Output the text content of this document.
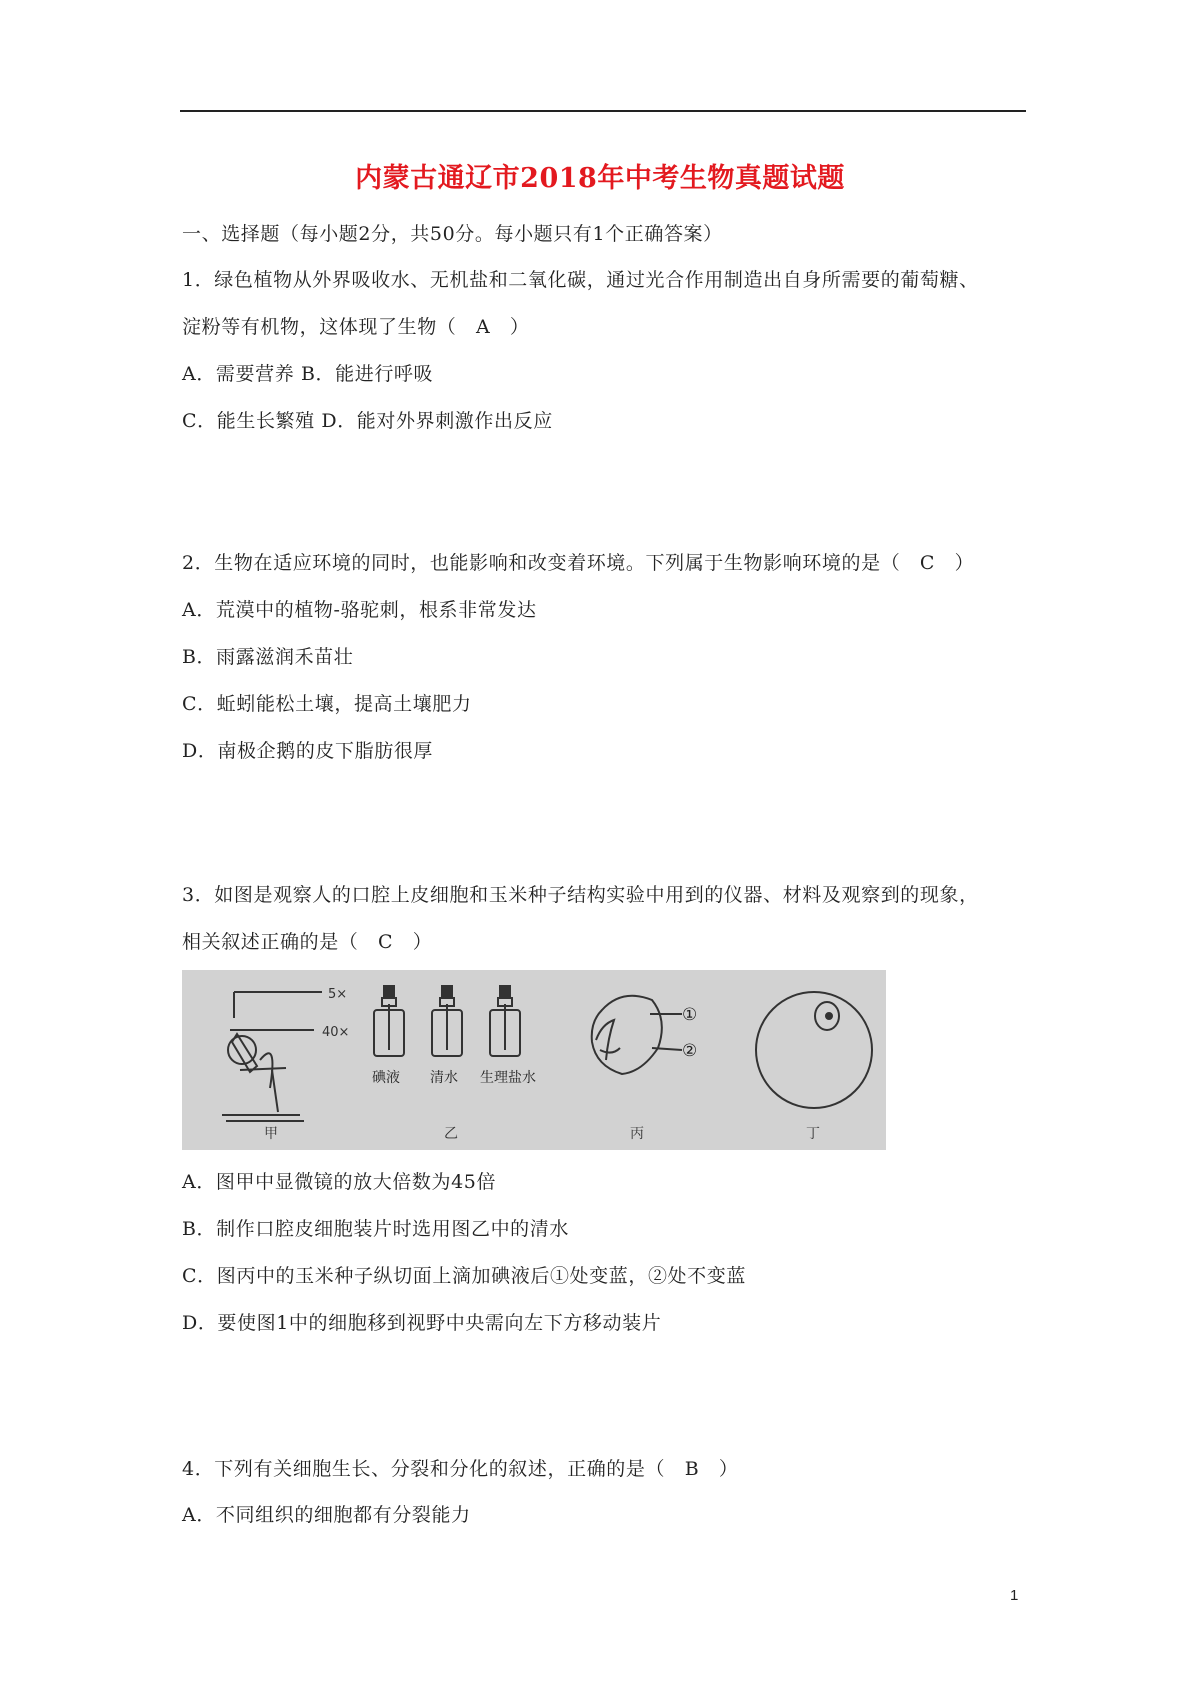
内蒙古通辽市2018年中考生物真题试题
一、选择题（每小题2分，共50分。每小题只有1个正确答案）
1．绿色植物从外界吸收水、无机盐和二氧化碳，通过光合作用制造出自身所需要的葡萄糖、
淀粉等有机物，这体现了生物（　A　）
A．需要营养 B．能进行呼吸
C．能生长繁殖 D．能对外界刺激作出反应
2．生物在适应环境的同时，也能影响和改变着环境。下列属于生物影响环境的是（　C　）
A．荒漠中的植物-骆驼刺，根系非常发达
B．雨露滋润禾苗壮
C．蚯蚓能松土壤，提高土壤肥力
D．南极企鹅的皮下脂肪很厚
3．如图是观察人的口腔上皮细胞和玉米种子结构实验中用到的仪器、材料及观察到的现象，
相关叙述正确的是（　C　）
5×
40×
碘液 清水 生理盐水
①
②
甲	乙	丙	丁
A．图甲中显微镜的放大倍数为45倍
B．制作口腔皮细胞装片时选用图乙中的清水
C．图丙中的玉米种子纵切面上滴加碘液后①处变蓝，②处不变蓝
D．要使图1中的细胞移到视野中央需向左下方移动装片
4．下列有关细胞生长、分裂和分化的叙述，正确的是（　B　）
A．不同组织的细胞都有分裂能力
1
